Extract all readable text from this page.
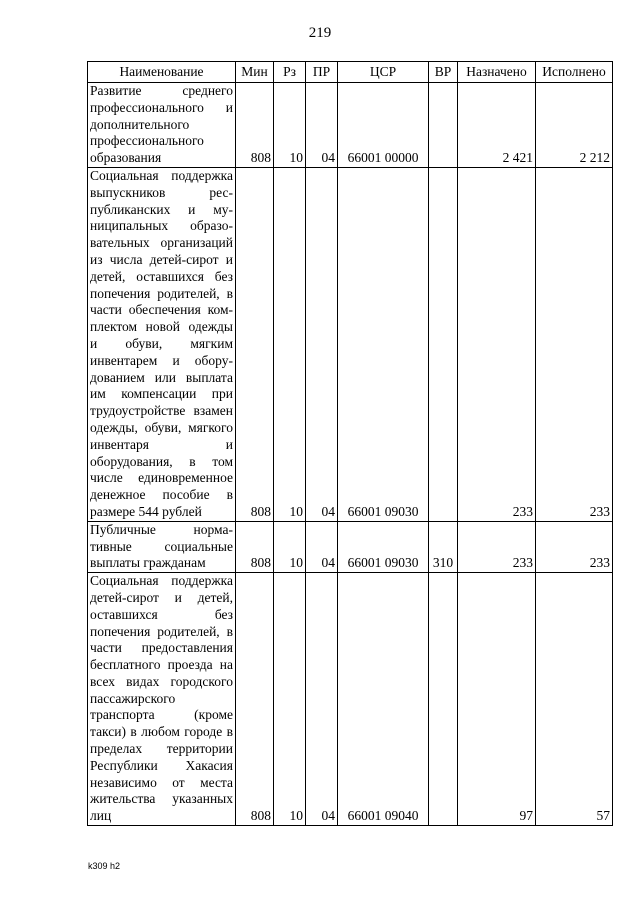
219
Наименование	Мин	Рз	ПР	ЦСР	ВР	Назначено	Исполнено
Развитие среднего профессионального и дополнительного профессионального образования	808	10	04	66001 00000		2 421	2 212
Социальная поддержка выпускников республиканских и муниципальных образовательных организаций из числа детей-сирот и детей, оставшихся без попечения родителей, в части обеспечения комплектом новой одежды и обуви, мягким инвентарем и оборудованием или выплата им компенсации при трудоустройстве взамен одежды, обуви, мягкого инвентаря и оборудования, в том числе единовременное денежное пособие в размере 544 рублей	808	10	04	66001 09030		233	233
Публичные нормативные социальные выплаты гражданам	808	10	04	66001 09030	310	233	233
Социальная поддержка детей-сирот и детей, оставшихся без попечения родителей, в части предоставления бесплатного проезда на всех видах городского пассажирского транспорта (кроме такси) в любом городе в пределах территории Республики Хакасия независимо от места жительства указанных лиц	808	10	04	66001 09040		97	57
k309 h2
